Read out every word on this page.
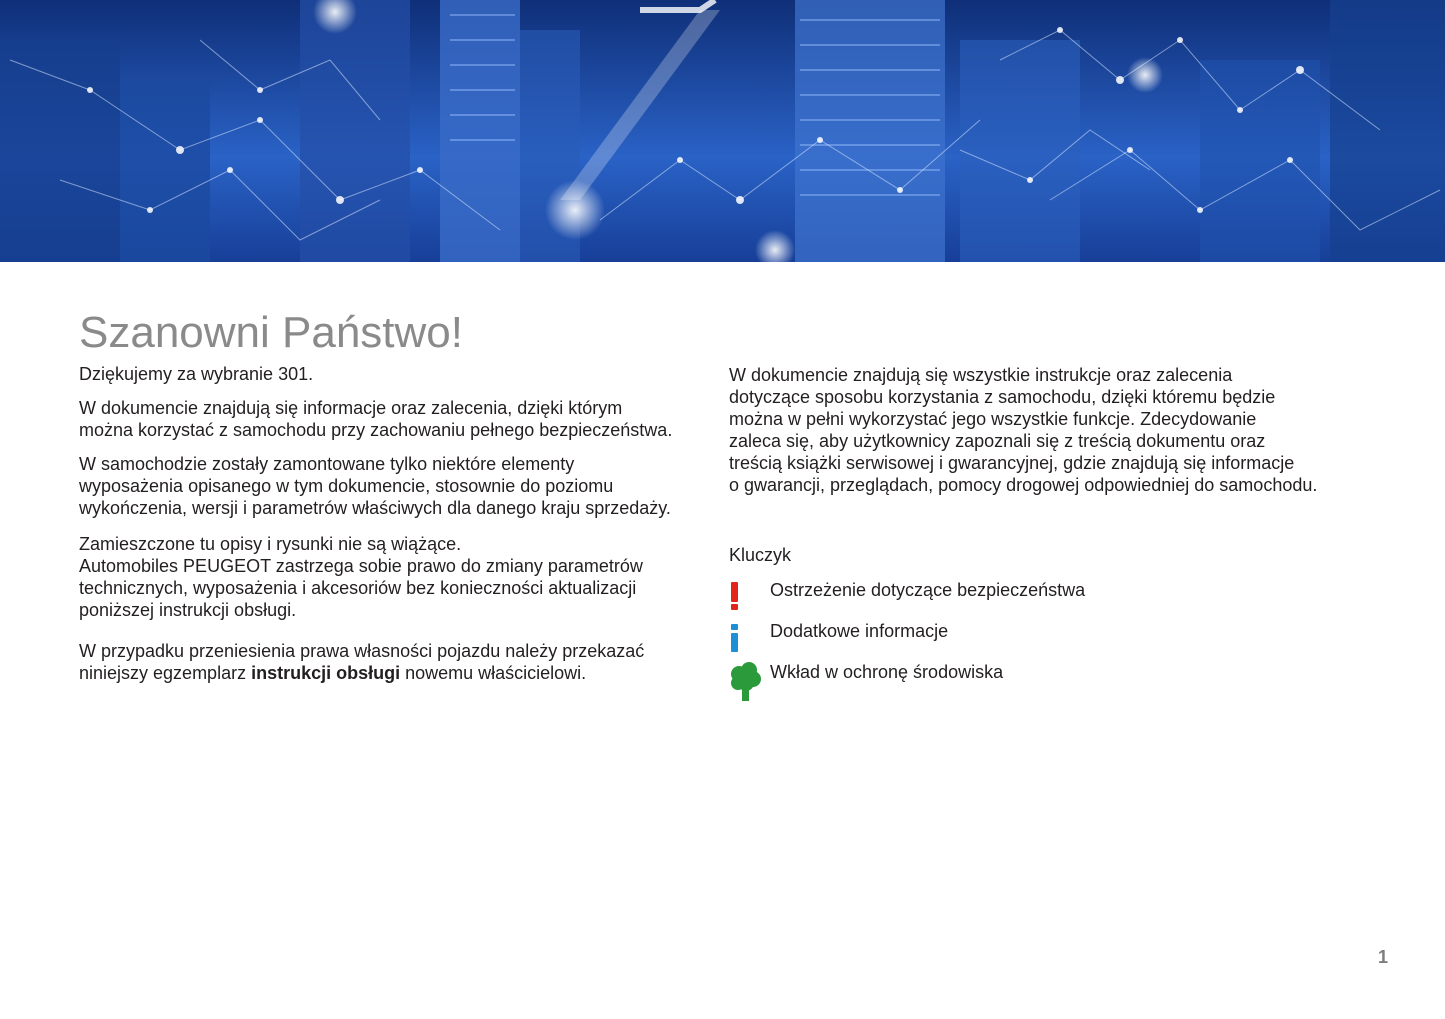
Szanowni Państwo!

Dziękujemy za wybranie 301.

W dokumencie znajdują się informacje oraz zalecenia, dzięki którym
można korzystać z samochodu przy zachowaniu pełnego bezpieczeństwa.

W samochodzie zostały zamontowane tylko niektóre elementy
wyposażenia opisanego w tym dokumencie, stosownie do poziomu
wykończenia, wersji i parametrów właściwych dla danego kraju sprzedaży.

Zamieszczone tu opisy i rysunki nie są wiążące.
Automobiles PEUGEOT zastrzega sobie prawo do zmiany parametrów
technicznych, wyposażenia i akcesoriów bez konieczności aktualizacji
poniższej instrukcji obsługi.

W przypadku przeniesienia prawa własności pojazdu należy przekazać
niniejszy egzemplarz instrukcji obsługi nowemu właścicielowi.

W dokumencie znajdują się wszystkie instrukcje oraz zalecenia
dotyczące sposobu korzystania z samochodu, dzięki któremu będzie
można w pełni wykorzystać jego wszystkie funkcje. Zdecydowanie
zaleca się, aby użytkownicy zapoznali się z treścią dokumentu oraz
treścią książki serwisowej i gwarancyjnej, gdzie znajdują się informacje
o gwarancji, przeglądach, pomocy drogowej odpowiedniej do samochodu.

Kluczyk

Ostrzeżenie dotyczące bezpieczeństwa
Dodatkowe informacje
Wkład w ochronę środowiska
1
